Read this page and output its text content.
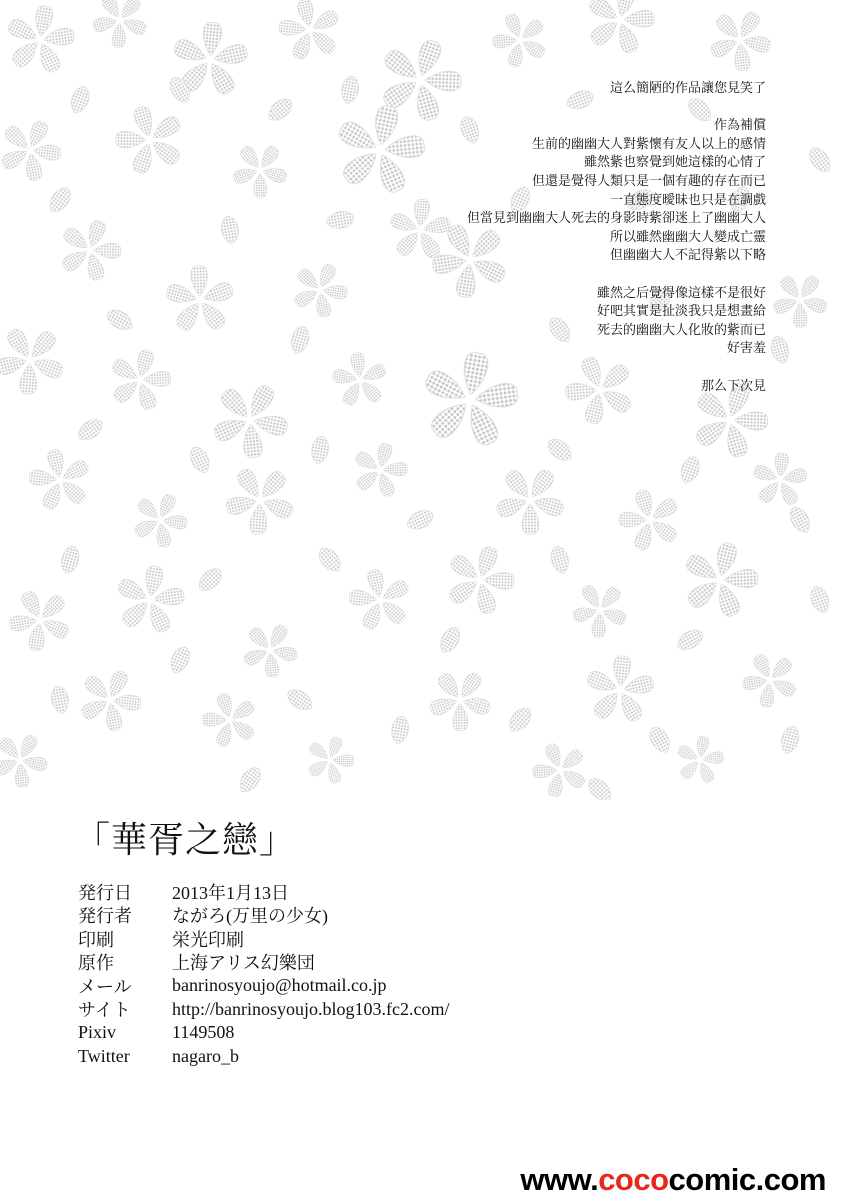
這么簡陋的作品讓您見笑了
作為補償
生前的幽幽大人對紫懷有友人以上的感情
雖然紫也察覺到她這樣的心情了
但還是覺得人類只是一個有趣的存在而已
一直態度曖昧也只是在調戲
但當見到幽幽大人死去的身影時紫卻迷上了幽幽大人
所以雖然幽幽大人變成亡靈
但幽幽大人不記得紫以下略
雖然之后覺得像這樣不是很好
好吧其實是扯淡我只是想畫給
死去的幽幽大人化妝的紫而已
好害羞
那么下次見
「華胥之戀」
発行日	2013年1月13日
発行者	ながろ(万里の少女)
印刷	栄光印刷
原作	上海アリス幻樂団
メール	banrinosyoujo@hotmail.co.jp
サイト	http://banrinosyoujo.blog103.fc2.com/
Pixiv	1149508
Twitter	nagaro_b
www.cococomic.com
